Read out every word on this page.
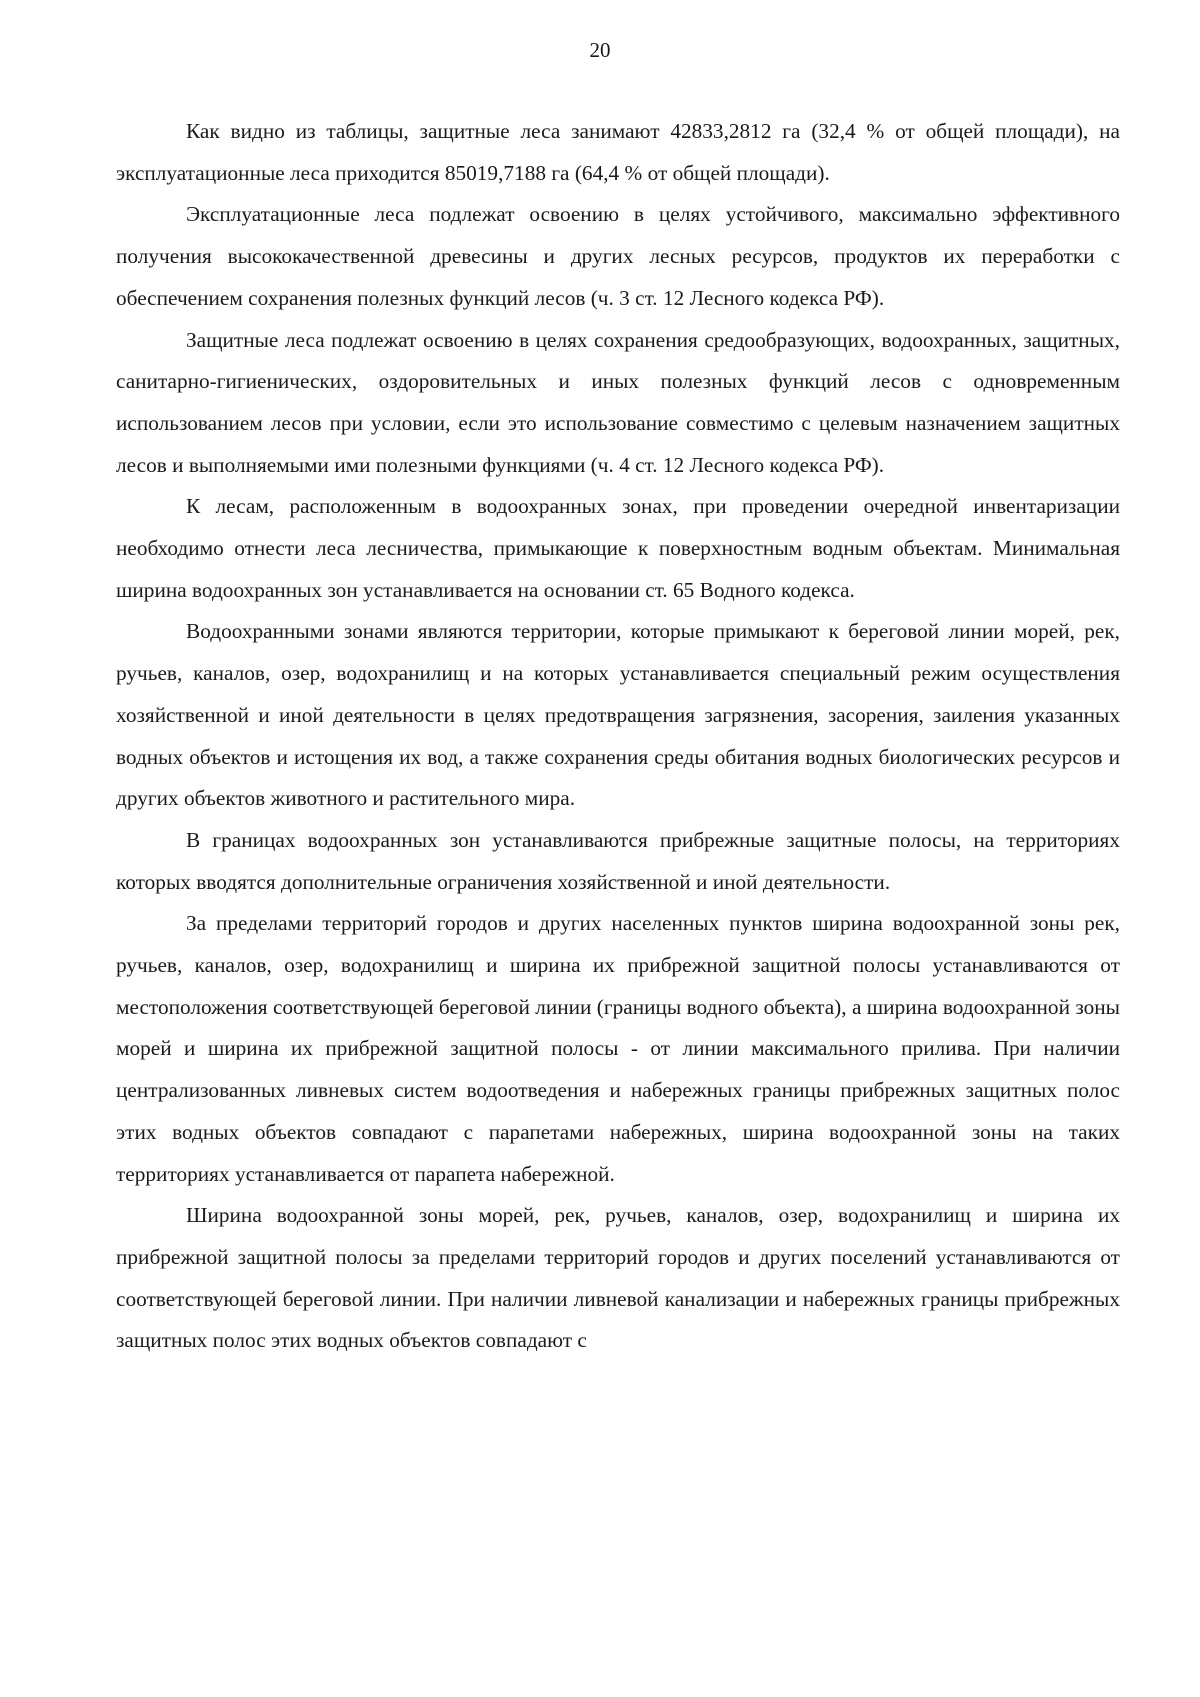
20

Как видно из таблицы, защитные леса занимают 42833,2812 га (32,4 % от общей площади), на эксплуатационные леса приходится 85019,7188 га (64,4 % от общей площади).

Эксплуатационные леса подлежат освоению в целях устойчивого, максимально эффективного получения высококачественной древесины и других лесных ресурсов, продуктов их переработки с обеспечением сохранения полезных функций лесов (ч. 3 ст. 12 Лесного кодекса РФ).

Защитные леса подлежат освоению в целях сохранения средообразующих, водоохранных, защитных, санитарно-гигиенических, оздоровительных и иных полезных функций лесов с одновременным использованием лесов при условии, если это использование совместимо с целевым назначением защитных лесов и выполняемыми ими полезными функциями (ч. 4 ст. 12 Лесного кодекса РФ).

К лесам, расположенным в водоохранных зонах, при проведении очередной инвентаризации необходимо отнести леса лесничества, примыкающие к поверхностным водным объектам. Минимальная ширина водоохранных зон устанавливается на основании ст. 65 Водного кодекса.

Водоохранными зонами являются территории, которые примыкают к береговой линии морей, рек, ручьев, каналов, озер, водохранилищ и на которых устанавливается специальный режим осуществления хозяйственной и иной деятельности в целях предотвращения загрязнения, засорения, заиления указанных водных объектов и истощения их вод, а также сохранения среды обитания водных биологических ресурсов и других объектов животного и растительного мира.

В границах водоохранных зон устанавливаются прибрежные защитные полосы, на территориях которых вводятся дополнительные ограничения хозяйственной и иной деятельности.

За пределами территорий городов и других населенных пунктов ширина водоохранной зоны рек, ручьев, каналов, озер, водохранилищ и ширина их прибрежной защитной полосы устанавливаются от местоположения соответствующей береговой линии (границы водного объекта), а ширина водоохранной зоны морей и ширина их прибрежной защитной полосы - от линии максимального прилива. При наличии централизованных ливневых систем водоотведения и набережных границы прибрежных защитных полос этих водных объектов совпадают с парапетами набережных, ширина водоохранной зоны на таких территориях устанавливается от парапета набережной.

Ширина водоохранной зоны морей, рек, ручьев, каналов, озер, водохранилищ и ширина их прибрежной защитной полосы за пределами территорий городов и других поселений устанавливаются от соответствующей береговой линии. При наличии ливневой канализации и набережных границы прибрежных защитных полос этих водных объектов совпадают с
